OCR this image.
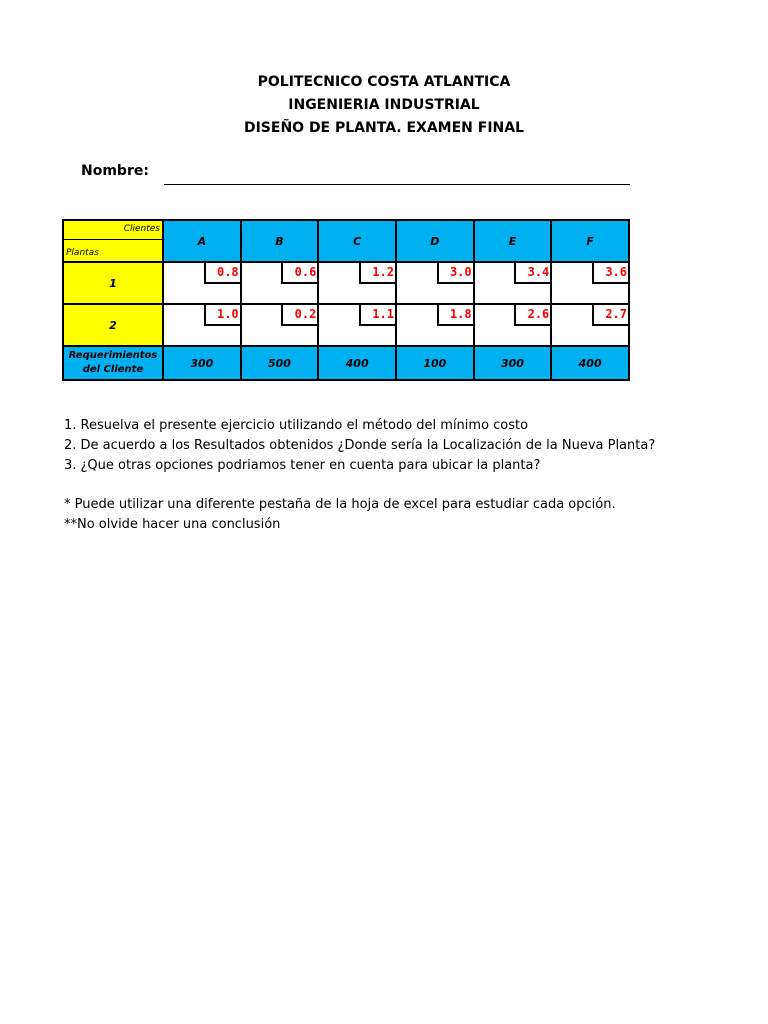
POLITECNICO COSTA ATLANTICA
INGENIERIA INDUSTRIAL
DISEÑO DE PLANTA. EXAMEN FINAL
Nombre:
Clientes
Plantas	A	B	C	D	E	F
1	0.8	0.6	1.2	3.0	3.4	3.6

2	1.0	0.2	1.1	1.8	2.6	2.7

Requerimientos
del Cliente	300	500	400	100	300	400
1. Resuelva el presente ejercicio utilizando el método del mínimo costo
2. De acuerdo a los Resultados obtenidos ¿Donde sería la Localización de la Nueva Planta?
3. ¿Que otras opciones podriamos tener en cuenta para ubicar la planta?
* Puede utilizar una diferente pestaña de la hoja de excel para estudiar cada opción.
**No olvide hacer una conclusión
